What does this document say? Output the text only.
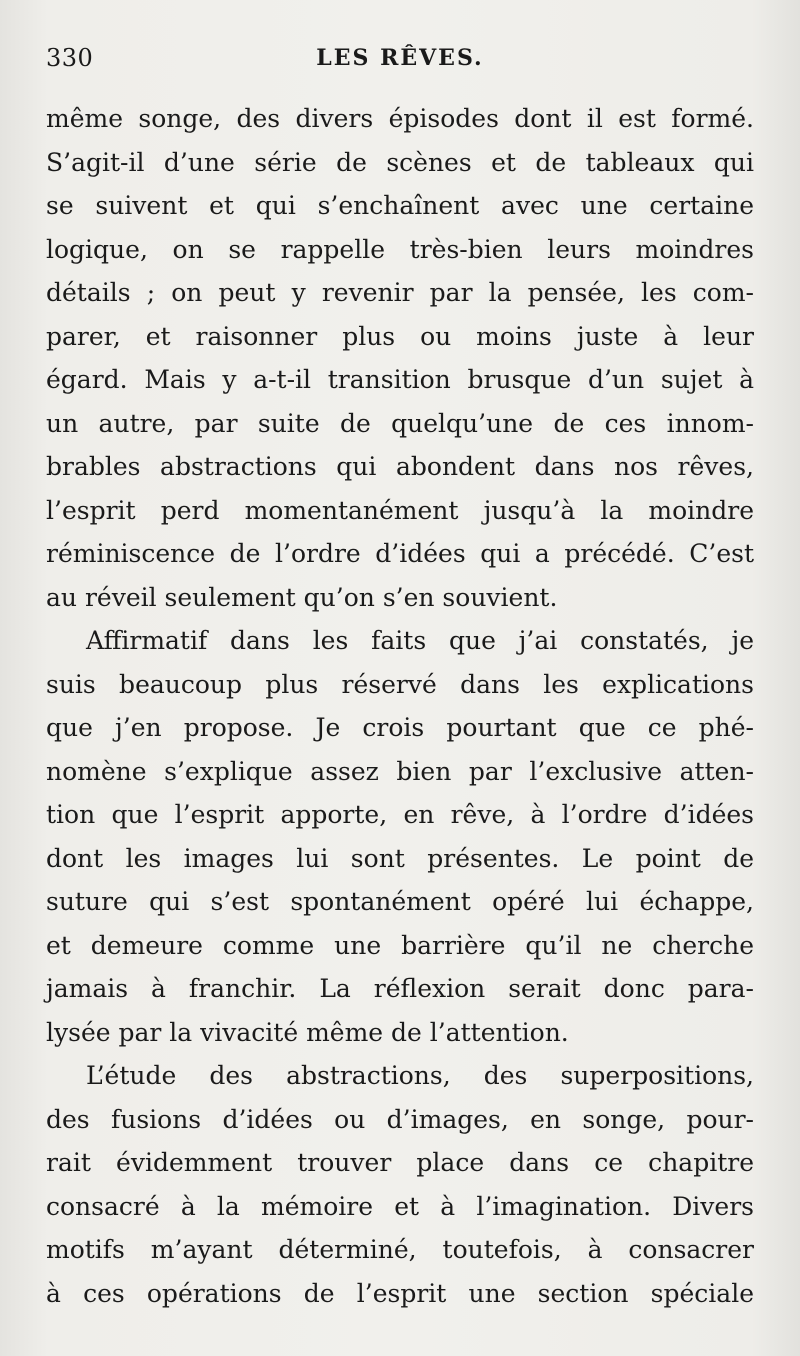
330	LES RÊVES.
même songe, des divers épisodes dont il est formé.
S’agit-il d’une série de scènes et de tableaux qui
se suivent et qui s’enchaînent avec une certaine
logique, on se rappelle très-bien leurs moindres
détails ; on peut y revenir par la pensée, les com-
parer, et raisonner plus ou moins juste à leur
égard. Mais y a-t-il transition brusque d’un sujet à
un autre, par suite de quelqu’une de ces innom-
brables abstractions qui abondent dans nos rêves,
l’esprit perd momentanément jusqu’à la moindre
réminiscence de l’ordre d’idées qui a précédé. C’est
au réveil seulement qu’on s’en souvient.
Affirmatif dans les faits que j’ai constatés, je
suis beaucoup plus réservé dans les explications
que j’en propose. Je crois pourtant que ce phé-
nomène s’explique assez bien par l’exclusive atten-
tion que l’esprit apporte, en rêve, à l’ordre d’idées
dont les images lui sont présentes. Le point de
suture qui s’est spontanément opéré lui échappe,
et demeure comme une barrière qu’il ne cherche
jamais à franchir. La réflexion serait donc para-
lysée par la vivacité même de l’attention.
L’étude des abstractions, des superpositions,
des fusions d’idées ou d’images, en songe, pour-
rait évidemment trouver place dans ce chapitre
consacré à la mémoire et à l’imagination. Divers
motifs m’ayant déterminé, toutefois, à consacrer
à ces opérations de l’esprit une section spéciale
